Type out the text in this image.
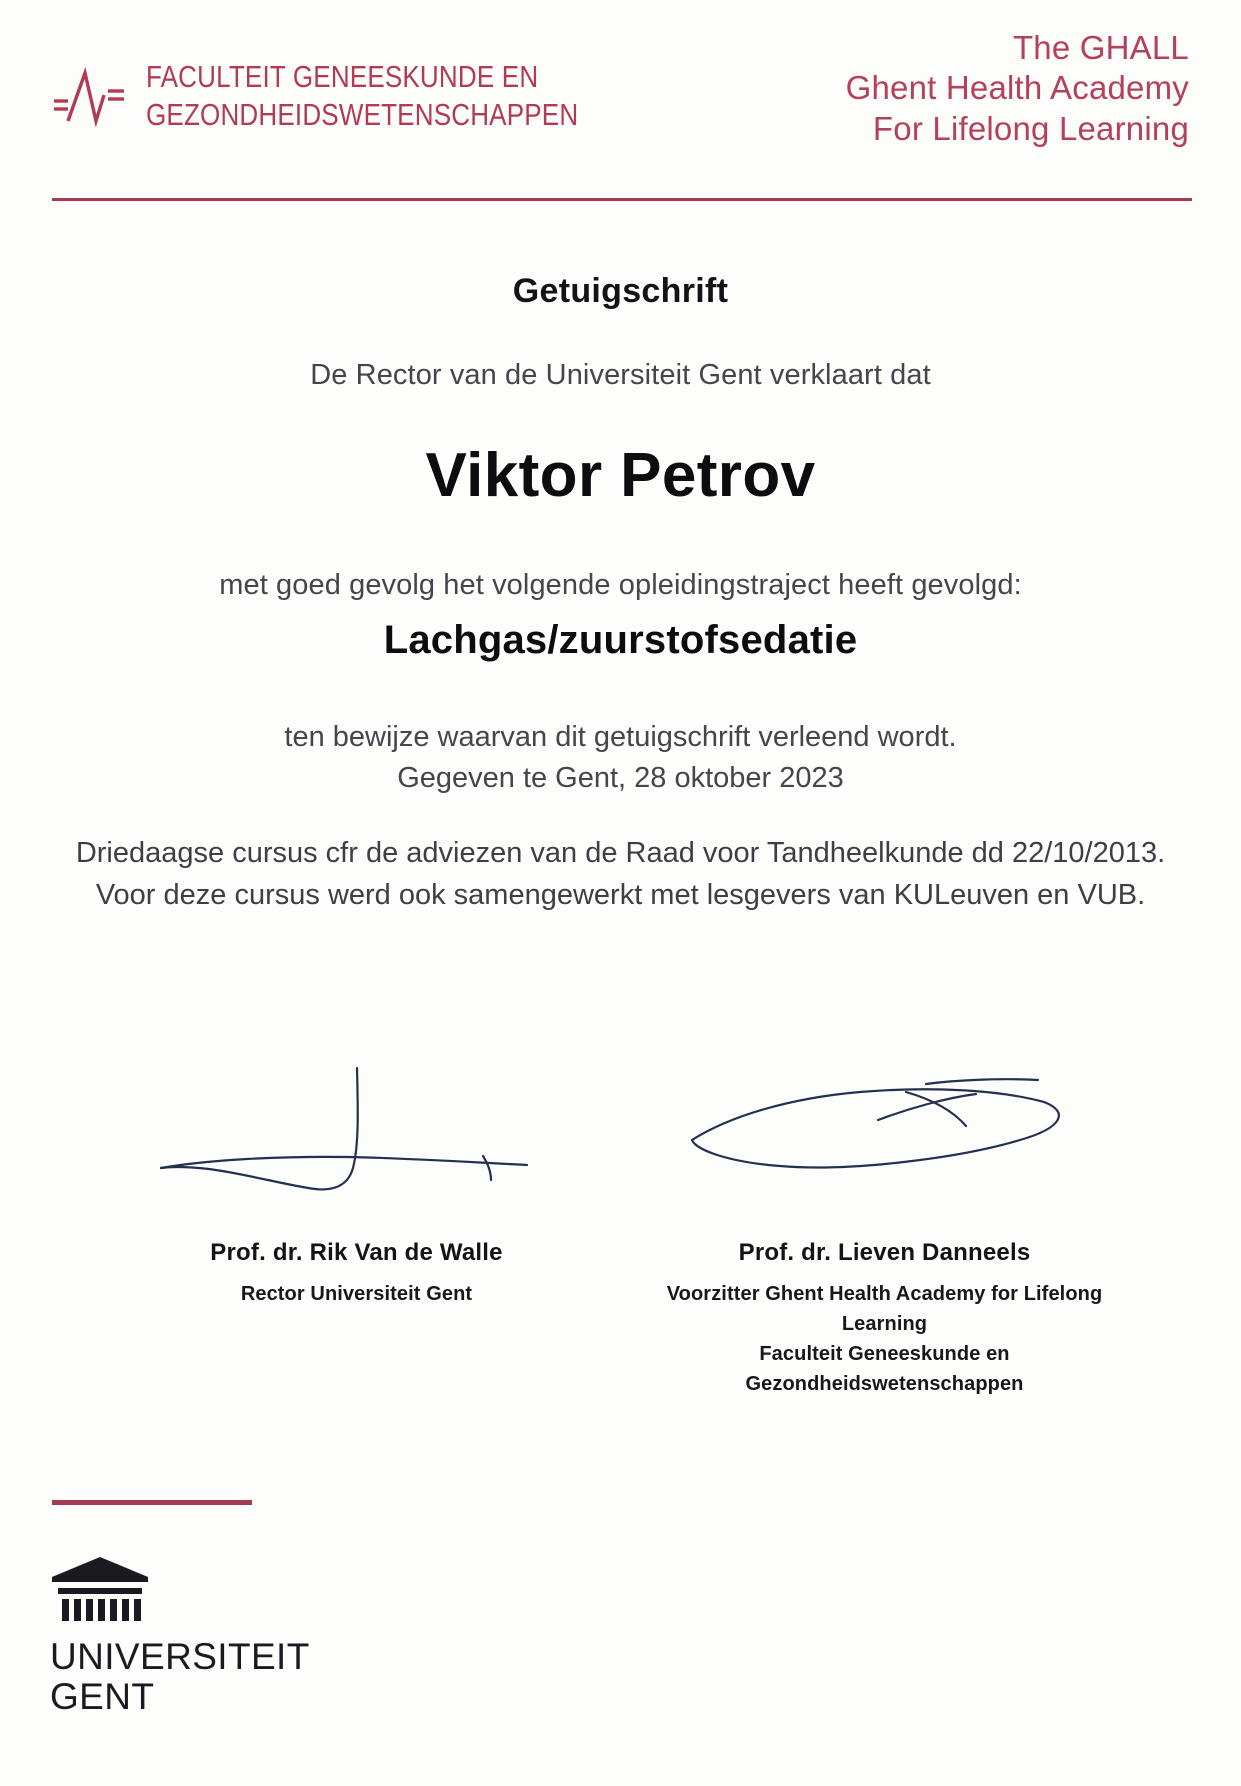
FACULTEIT GENEESKUNDE EN
GEZONDHEIDSWETENSCHAPPEN
The GHALL
Ghent Health Academy
For Lifelong Learning
Getuigschrift
De Rector van de Universiteit Gent verklaart dat
Viktor Petrov
met goed gevolg het volgende opleidingstraject heeft gevolgd:
Lachgas/zuurstofsedatie
ten bewijze waarvan dit getuigschrift verleend wordt.
Gegeven te Gent, 28 oktober 2023
Driedaagse cursus cfr de adviezen van de Raad voor Tandheelkunde dd 22/10/2013.
Voor deze cursus werd ook samengewerkt met lesgevers van KULeuven en VUB.
Prof. dr. Rik Van de Walle
Rector Universiteit Gent
Prof. dr. Lieven Danneels
Voorzitter Ghent Health Academy for Lifelong Learning
Faculteit Geneeskunde en Gezondheidswetenschappen
UNIVERSITEIT
GENT
